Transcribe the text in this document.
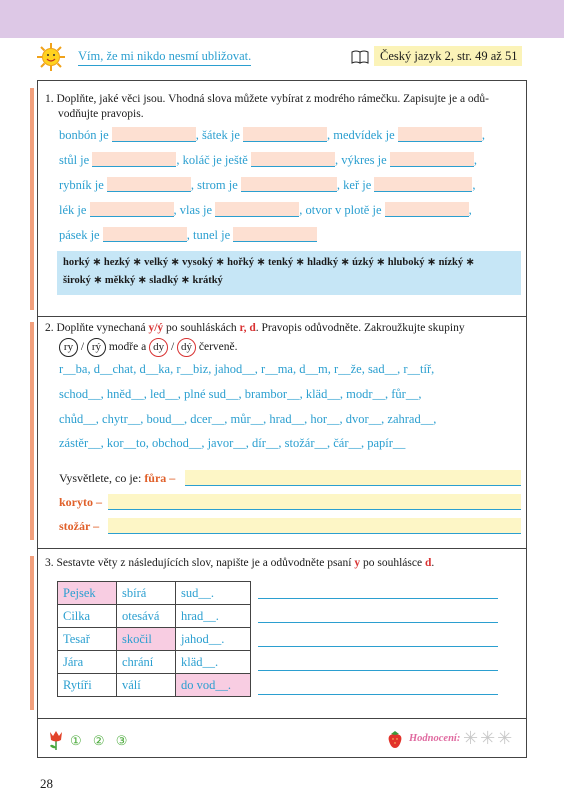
Vím, že mi nikdo nesmí ubližovat.	Český jazyk 2, str. 49 až 51
1. Doplňte, jaké věci jsou. Vhodná slova můžete vybírat z modrého rámečku. Zapisujte je a odů-
vodňujte pravopis.
bonbón je	, šátek je	, medvídek je	,
stůl je	, koláč je ještě	, výkres je	,
rybník je	, strom je	, keř je	,
lék je	, vlas je	, otvor v plotě je	,
pásek je	, tunel je
horký ∗ hezký ∗ velký ∗ vysoký ∗ hořký ∗ tenký ∗ hladký ∗ úzký ∗ hluboký ∗ nízký ∗
široký ∗ měkký ∗ sladký ∗ krátký
2. Doplňte vynechaná y/ý po souhláskách r, d. Pravopis odůvodněte. Zakroužkujte skupiny
ry / rý modře a dy / dý červeně.
r__ba, d__chat, d__ka, r__biz, jahod__, r__ma, d__m, r__že, sad__, r__tíř,
schod__, hněd__, led__, plné sud__, brambor__, kläd__, modr__, fůr__,
chůd__, chytr__, boud__, dcer__, můr__, hrad__, hor__, dvor__, zahrad__,
zástěr__, kor__to, obchod__, javor__, dír__, stožár__, čár__, papír__
Vysvětlete, co je: fůra –
koryto –
stožár –
3. Sestavte věty z následujících slov, napište je a odůvodněte psaní y po souhlásce d.
Pejsek	sbírá	sud__.
Cilka	otesává	hrad__.
Tesař	skočil	jahod__.
Jára	chrání	kläd__.
Rytíři	válí	do vod__.
① ② ③	Hodnocení: ✳✳✳
28
